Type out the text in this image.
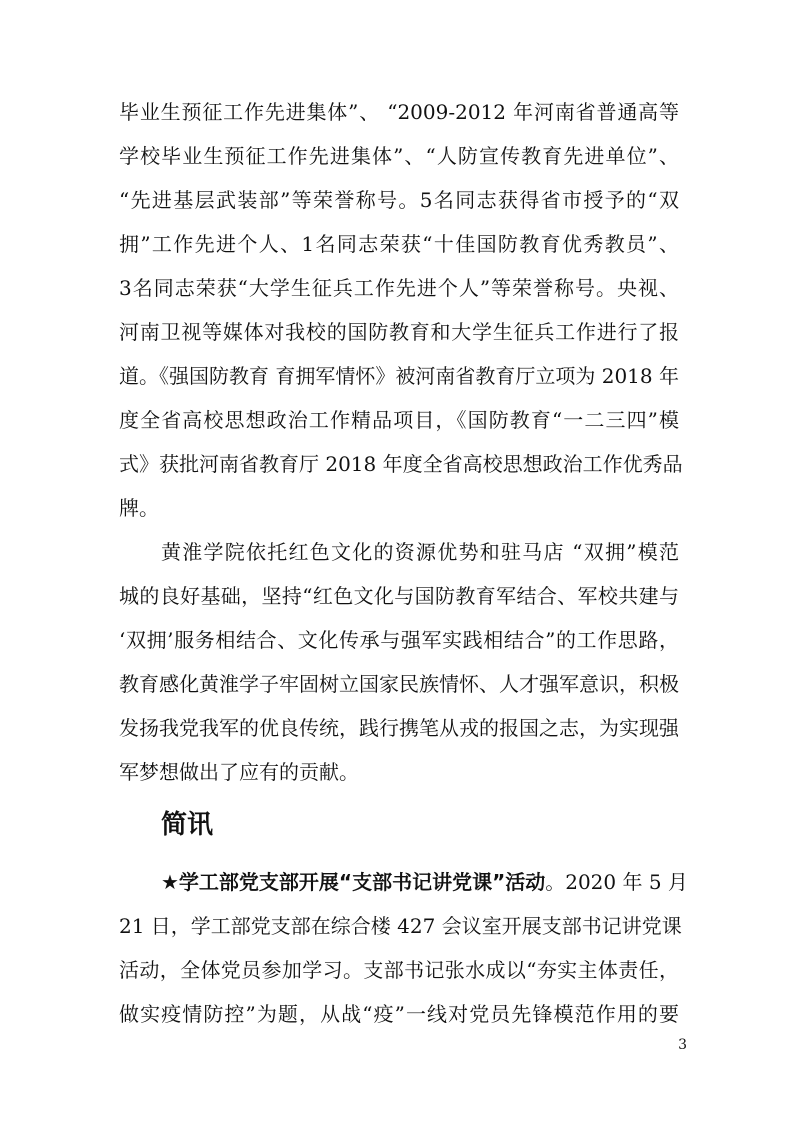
毕业生预征工作先进集体”、 “2009-2012 年河南省普通高等
学校毕业生预征工作先进集体”、“人防宣传教育先进单位”、
“先进基层武装部”等荣誉称号。5名同志获得省市授予的“双
拥”工作先进个人、1名同志荣获“十佳国防教育优秀教员”、
3名同志荣获“大学生征兵工作先进个人”等荣誉称号。央视、
河南卫视等媒体对我校的国防教育和大学生征兵工作进行了报
道。《强国防教育 育拥军情怀》被河南省教育厅立项为 2018 年
度全省高校思想政治工作精品项目，《国防教育“一二三四”模
式》获批河南省教育厅 2018 年度全省高校思想政治工作优秀品
牌。
黄淮学院依托红色文化的资源优势和驻马店 “双拥”模范
城的良好基础，坚持“红色文化与国防教育军结合、军校共建与
‘双拥’服务相结合、文化传承与强军实践相结合”的工作思路，
教育感化黄淮学子牢固树立国家民族情怀、人才强军意识，积极
发扬我党我军的优良传统，践行携笔从戎的报国之志，为实现强
军梦想做出了应有的贡献。
简讯
★学工部党支部开展“支部书记讲党课”活动。2020 年 5 月
21 日，学工部党支部在综合楼 427 会议室开展支部书记讲党课
活动，全体党员参加学习。支部书记张水成以“夯实主体责任，
做实疫情防控”为题，从战“疫”一线对党员先锋模范作用的要
3
